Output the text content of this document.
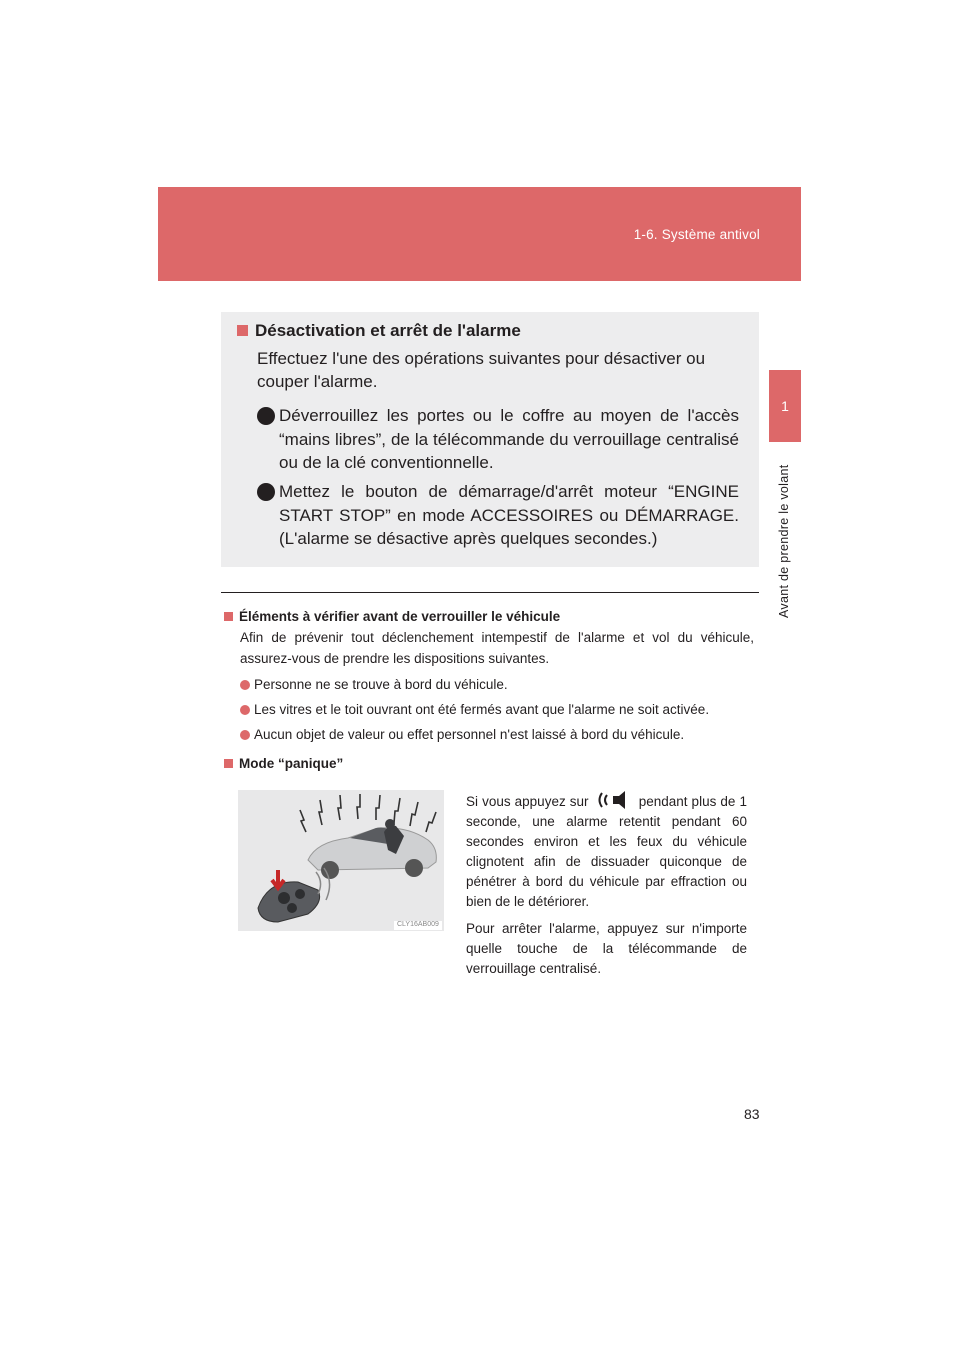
1-6. Système antivol
1
Avant de prendre le volant
Désactivation et arrêt de l'alarme
Effectuez l'une des opérations suivantes pour désactiver ou couper l'alarme.
Déverrouillez les portes ou le coffre au moyen de l'accès “mains libres”, de la télécommande du verrouillage centralisé ou de la clé conventionnelle.
Mettez le bouton de démarrage/d'arrêt moteur “ENGINE START STOP” en mode ACCESSOIRES ou DÉMARRAGE. (L'alarme se désactive après quelques secondes.)
Éléments à vérifier avant de verrouiller le véhicule
Afin de prévenir tout déclenchement intempestif de l'alarme et vol du véhicule, assurez-vous de prendre les dispositions suivantes.
Personne ne se trouve à bord du véhicule.
Les vitres et le toit ouvrant ont été fermés avant que l'alarme ne soit activée.
Aucun objet de valeur ou effet personnel n'est laissé à bord du véhicule.
Mode “panique”
CLY16AB009

Si vous appuyez sur	pendant plus de 1 seconde, une alarme retentit pendant 60 secondes environ et les feux du véhicule clignotent afin de dissuader quiconque de pénétrer à bord du véhicule par effraction ou bien de le détériorer.

Pour arrêter l'alarme, appuyez sur n'importe quelle touche de la télécommande de verrouillage centralisé.

83
